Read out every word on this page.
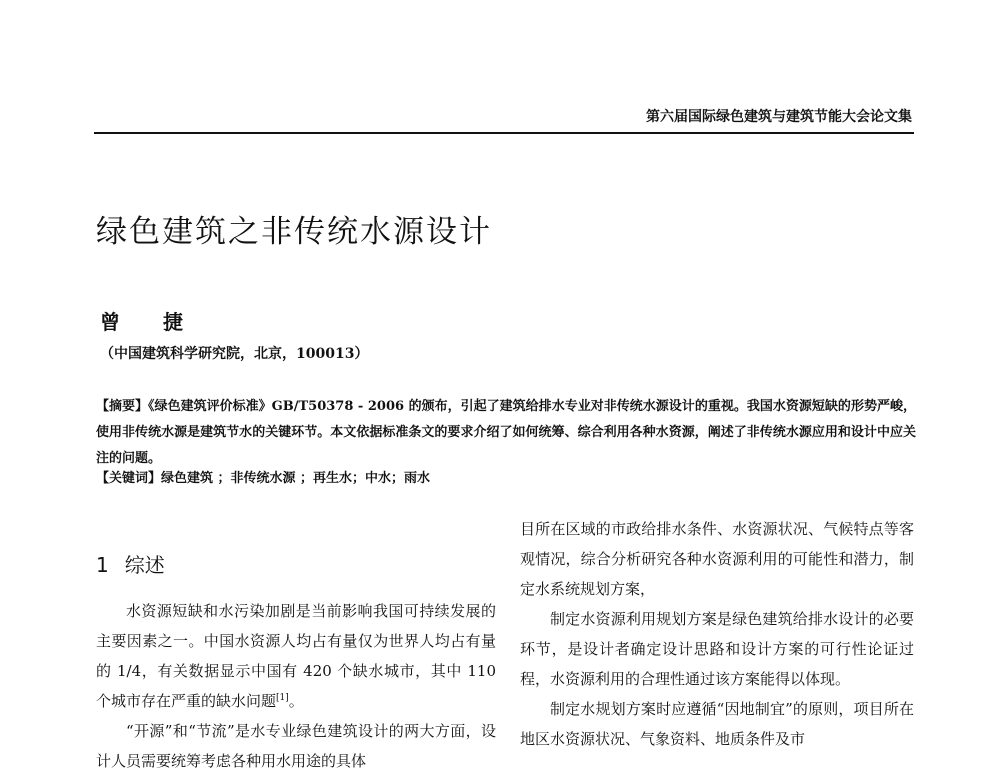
第六届国际绿色建筑与建筑节能大会论文集
绿色建筑之非传统水源设计
曾 捷
（中国建筑科学研究院，北京，100013）
【摘要】《绿色建筑评价标准》GB/T50378 - 2006 的颁布，引起了建筑给排水专业对非传统水源设计的重视。我国水资源短缺的形势严峻，使用非传统水源是建筑节水的关键环节。本文依据标准条文的要求介绍了如何统筹、综合利用各种水资源，阐述了非传统水源应用和设计中应关注的问题。
【关键词】绿色建筑 ；非传统水源 ；再生水；中水；雨水
1 综述

水资源短缺和水污染加剧是当前影响我国可持续发展的主要因素之一。中国水资源人均占有量仅为世界人均占有量的 1/4，有关数据显示中国有 420 个缺水城市，其中 110 个城市存在严重的缺水问题[1]。

“开源”和“节流”是水专业绿色建筑设计的两大方面，设计人员需要统筹考虑各种用水用途的具体

目所在区域的市政给排水条件、水资源状况、气候特点等客观情况，综合分析研究各种水资源利用的可能性和潜力，制定水系统规划方案，

制定水资源利用规划方案是绿色建筑给排水设计的必要环节，是设计者确定设计思路和设计方案的可行性论证过程，水资源利用的合理性通过该方案能得以体现。

制定水规划方案时应遵循“因地制宜”的原则，项目所在地区水资源状况、气象资料、地质条件及市
